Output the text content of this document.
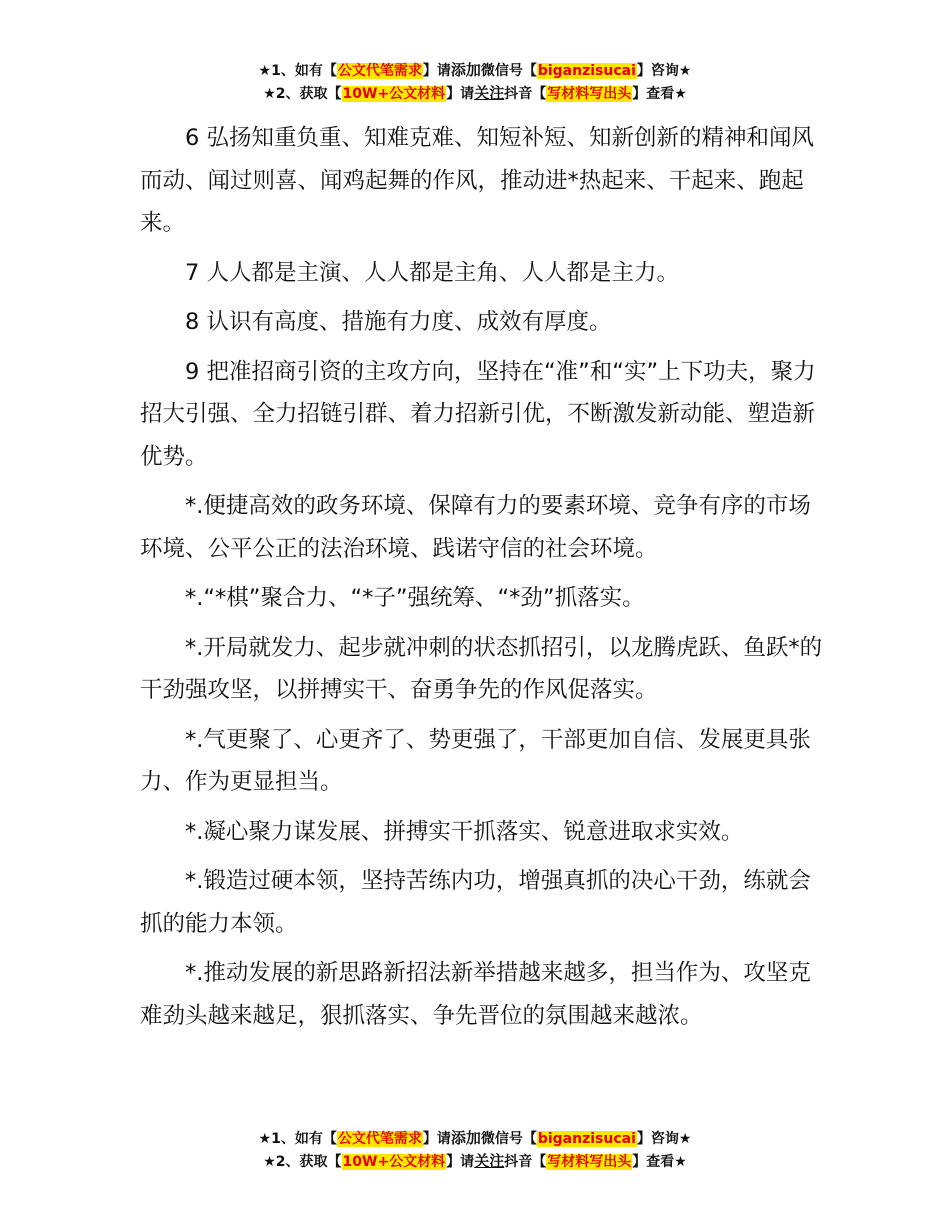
★1、如有【公文代笔需求】请添加微信号【biganzisucai】咨询★
★2、获取【10W+公文材料】请关注抖音【写材料写出头】查看★

6 弘扬知重负重、知难克难、知短补短、知新创新的精神和闻风而动、闻过则喜、闻鸡起舞的作风，推动进*热起来、干起来、跑起来。

7 人人都是主演、人人都是主角、人人都是主力。

8 认识有高度、措施有力度、成效有厚度。

9 把准招商引资的主攻方向，坚持在“准”和“实”上下功夫，聚力招大引强、全力招链引群、着力招新引优，不断激发新动能、塑造新优势。

*.便捷高效的政务环境、保障有力的要素环境、竞争有序的市场环境、公平公正的法治环境、践诺守信的社会环境。

*.“*棋”聚合力、“*子”强统筹、“*劲”抓落实。

*.开局就发力、起步就冲刺的状态抓招引，以龙腾虎跃、鱼跃*的干劲强攻坚，以拼搏实干、奋勇争先的作风促落实。

*.气更聚了、心更齐了、势更强了，干部更加自信、发展更具张力、作为更显担当。

*.凝心聚力谋发展、拼搏实干抓落实、锐意进取求实效。

*.锻造过硬本领，坚持苦练内功，增强真抓的决心干劲，练就会抓的能力本领。

*.推动发展的新思路新招法新举措越来越多，担当作为、攻坚克难劲头越来越足，狠抓落实、争先晋位的氛围越来越浓。

★1、如有【公文代笔需求】请添加微信号【biganzisucai】咨询★
★2、获取【10W+公文材料】请关注抖音【写材料写出头】查看★
